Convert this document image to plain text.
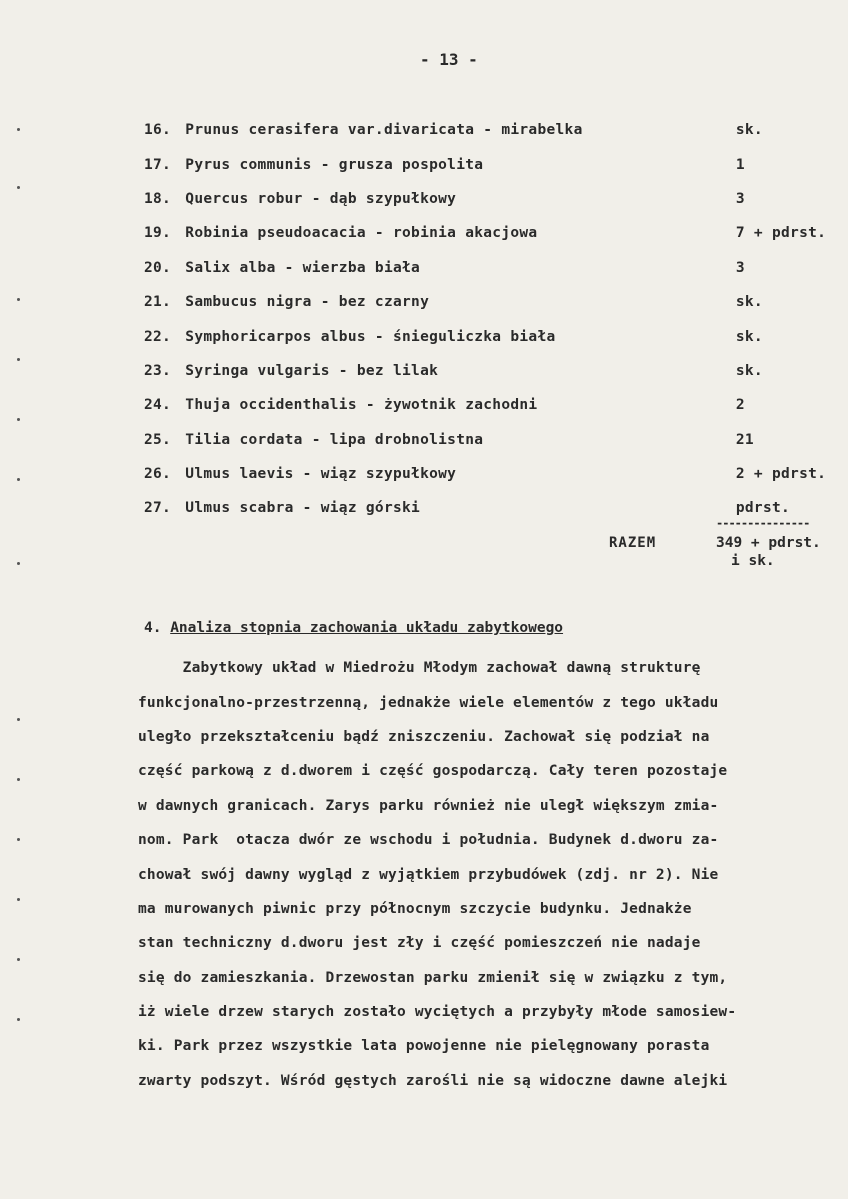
- 13 -
16. Prunus cerasifera var.divaricata - mirabelka	sk.
17. Pyrus communis - grusza pospolita	1
18. Quercus robur - dąb szypułkowy	3
19. Robinia pseudoacacia - robinia akacjowa	7 + pdrst.
20. Salix alba - wierzba biała	3
21. Sambucus nigra - bez czarny	sk.
22. Symphoricarpos albus - śnieguliczka biała	sk.
23. Syringa vulgaris - bez lilak	sk.
24. Thuja occidenthalis - żywotnik zachodni	2
25. Tilia cordata - lipa drobnolistna	21
26. Ulmus laevis - wiąz szypułkowy	2 + pdrst.
27. Ulmus scabra - wiąz górski	pdrst.
---------------
RAZEM	349 + pdrst.
i sk.
4. Analiza stopnia zachowania układu zabytkowego
Zabytkowy układ w Miedrożu Młodym zachował dawną strukturę
funkcjonalno-przestrzenną, jednakże wiele elementów z tego układu
uległo przekształceniu bądź zniszczeniu. Zachował się podział na
część parkową z d.dworem i część gospodarczą. Cały teren pozostaje
w dawnych granicach. Zarys parku również nie uległ większym zmia-
nom. Park  otacza dwór ze wschodu i południa. Budynek d.dworu za-
chował swój dawny wygląd z wyjątkiem przybudówek (zdj. nr 2). Nie
ma murowanych piwnic przy północnym szczycie budynku. Jednakże
stan techniczny d.dworu jest zły i część pomieszczeń nie nadaje
się do zamieszkania. Drzewostan parku zmienił się w związku z tym,
iż wiele drzew starych zostało wyciętych a przybyły młode samosiew-
ki. Park przez wszystkie lata powojenne nie pielęgnowany porasta
zwarty podszyt. Wśród gęstych zarośli nie są widoczne dawne alejki
